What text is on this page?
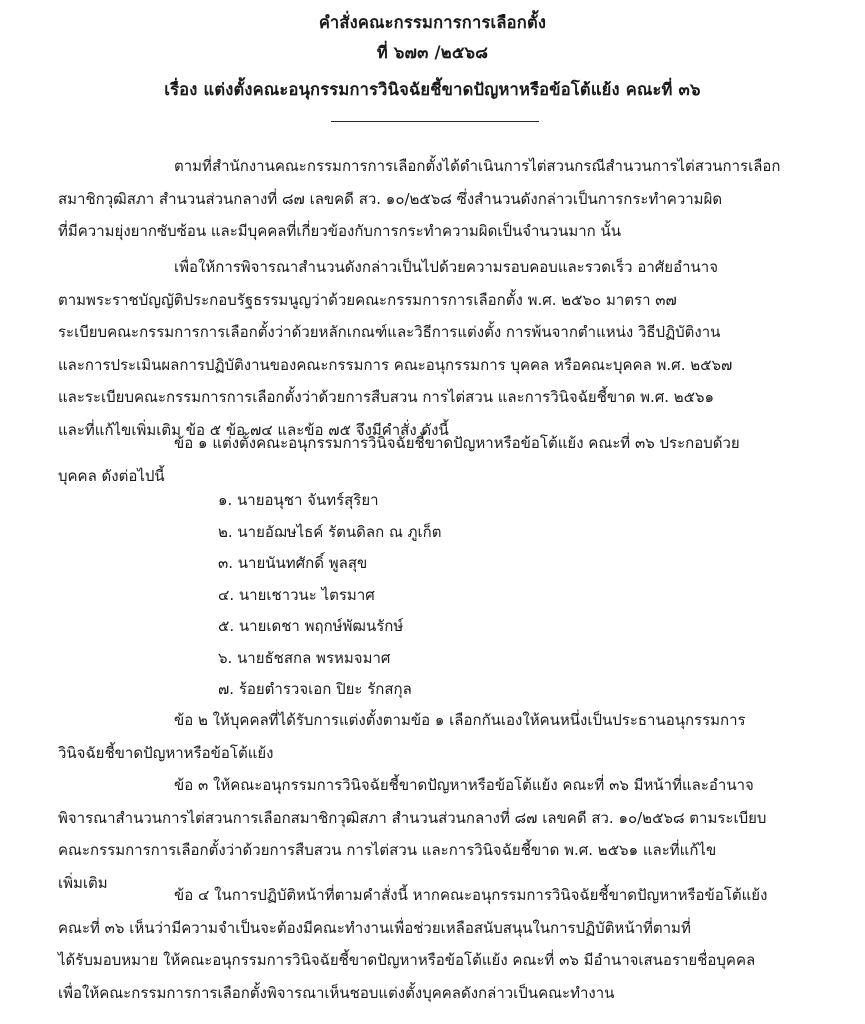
คำสั่งคณะกรรมการการเลือกตั้ง
ที่ ๖๗๓ /๒๕๖๘
เรื่อง แต่งตั้งคณะอนุกรรมการวินิจฉัยชี้ขาดปัญหาหรือข้อโต้แย้ง คณะที่ ๓๖
ตามที่สำนักงานคณะกรรมการการเลือกตั้งได้ดำเนินการไต่สวนกรณีสำนวนการไต่สวนการเลือก
สมาชิกวุฒิสภา สำนวนส่วนกลางที่ ๘๗ เลขคดี สว. ๑๐/๒๕๖๘ ซึ่งสำนวนดังกล่าวเป็นการกระทำความผิด
ที่มีความยุ่งยากซับซ้อน และมีบุคคลที่เกี่ยวข้องกับการกระทำความผิดเป็นจำนวนมาก นั้น
เพื่อให้การพิจารณาสำนวนดังกล่าวเป็นไปด้วยความรอบคอบและรวดเร็ว อาศัยอำนาจ
ตามพระราชบัญญัติประกอบรัฐธรรมนูญว่าด้วยคณะกรรมการการเลือกตั้ง พ.ศ. ๒๕๖๐ มาตรา ๓๗
ระเบียบคณะกรรมการการเลือกตั้งว่าด้วยหลักเกณฑ์และวิธีการแต่งตั้ง การพ้นจากตำแหน่ง วิธีปฏิบัติงาน
และการประเมินผลการปฏิบัติงานของคณะกรรมการ คณะอนุกรรมการ บุคคล หรือคณะบุคคล พ.ศ. ๒๕๖๗
และระเบียบคณะกรรมการการเลือกตั้งว่าด้วยการสืบสวน การไต่สวน และการวินิจฉัยชี้ขาด พ.ศ. ๒๕๖๑
และที่แก้ไขเพิ่มเติม ข้อ ๕ ข้อ ๗๔ และข้อ ๗๕ จึงมีคำสั่ง ดังนี้
ข้อ ๑ แต่งตั้งคณะอนุกรรมการวินิจฉัยชี้ขาดปัญหาหรือข้อโต้แย้ง คณะที่ ๓๖ ประกอบด้วย
บุคคล ดังต่อไปนี้
๑. นายอนุชา จันทร์สุริยา
๒. นายอัฌษไธค์ รัตนดิลก ณ ภูเก็ต
๓. นายนันทศักดิ์ พูลสุข
๔. นายเชาวนะ ไตรมาศ
๕. นายเดชา พฤกษ์พัฒนรักษ์
๖. นายธัชสกล พรหมจมาศ
๗. ร้อยตำรวจเอก ปิยะ รักสกุล
ข้อ ๒ ให้บุคคลที่ได้รับการแต่งตั้งตามข้อ ๑ เลือกกันเองให้คนหนึ่งเป็นประธานอนุกรรมการ
วินิจฉัยชี้ขาดปัญหาหรือข้อโต้แย้ง
ข้อ ๓ ให้คณะอนุกรรมการวินิจฉัยชี้ขาดปัญหาหรือข้อโต้แย้ง คณะที่ ๓๖ มีหน้าที่และอำนาจ
พิจารณาสำนวนการไต่สวนการเลือกสมาชิกวุฒิสภา สำนวนส่วนกลางที่ ๘๗ เลขคดี สว. ๑๐/๒๕๖๘ ตามระเบียบ
คณะกรรมการการเลือกตั้งว่าด้วยการสืบสวน การไต่สวน และการวินิจฉัยชี้ขาด พ.ศ. ๒๕๖๑ และที่แก้ไข
เพิ่มเติม
ข้อ ๔ ในการปฏิบัติหน้าที่ตามคำสั่งนี้ หากคณะอนุกรรมการวินิจฉัยชี้ขาดปัญหาหรือข้อโต้แย้ง
คณะที่ ๓๖ เห็นว่ามีความจำเป็นจะต้องมีคณะทำงานเพื่อช่วยเหลือสนับสนุนในการปฏิบัติหน้าที่ตามที่
ได้รับมอบหมาย ให้คณะอนุกรรมการวินิจฉัยชี้ขาดปัญหาหรือข้อโต้แย้ง คณะที่ ๓๖ มีอำนาจเสนอรายชื่อบุคคล
เพื่อให้คณะกรรมการการเลือกตั้งพิจารณาเห็นชอบแต่งตั้งบุคคลดังกล่าวเป็นคณะทำงาน
